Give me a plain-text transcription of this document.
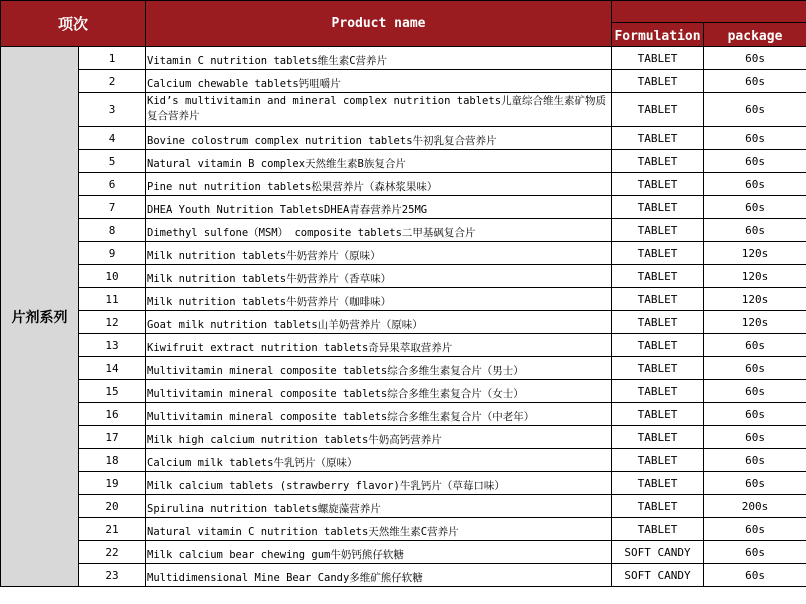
项次		Product name		
			Formulation	package
片剂系列	1	Vitamin C nutrition tablets维生素C营养片	TABLET	60s
	2	Calcium chewable tablets钙咀嚼片	TABLET	60s
	3	Kid’s multivitamin and mineral complex nutrition tablets儿童综合维生素矿物质复合营养片	TABLET	60s
	4	Bovine colostrum complex nutrition tablets牛初乳复合营养片	TABLET	60s
	5	Natural vitamin B complex天然维生素B族复合片	TABLET	60s
	6	Pine nut nutrition tablets松果营养片（森林浆果味）	TABLET	60s
	7	DHEA Youth Nutrition TabletsDHEA青春营养片25MG	TABLET	60s
	8	Dimethyl sulfone（MSM） composite tablets二甲基砜复合片	TABLET	60s
	9	Milk nutrition tablets牛奶营养片（原味）	TABLET	120s
	10	Milk nutrition tablets牛奶营养片（香草味）	TABLET	120s
	11	Milk nutrition tablets牛奶营养片（咖啡味）	TABLET	120s
	12	Goat milk nutrition tablets山羊奶营养片（原味）	TABLET	120s
	13	Kiwifruit extract nutrition tablets奇异果萃取营养片	TABLET	60s
	14	Multivitamin mineral composite tablets综合多维生素复合片（男士）	TABLET	60s
	15	Multivitamin mineral composite tablets综合多维生素复合片（女士）	TABLET	60s
	16	Multivitamin mineral composite tablets综合多维生素复合片（中老年）	TABLET	60s
	17	Milk high calcium nutrition tablets牛奶高钙营养片	TABLET	60s
	18	Calcium milk tablets牛乳钙片（原味）	TABLET	60s
	19	Milk calcium tablets (strawberry flavor)牛乳钙片（草莓口味）	TABLET	60s
	20	Spirulina nutrition tablets螺旋藻营养片	TABLET	200s
	21	Natural vitamin C nutrition tablets天然维生素C营养片	TABLET	60s
	22	Milk calcium bear chewing gum牛奶钙熊仔软糖	SOFT CANDY	60s
	23	Multidimensional Mine Bear Candy多维矿熊仔软糖	SOFT CANDY	60s
